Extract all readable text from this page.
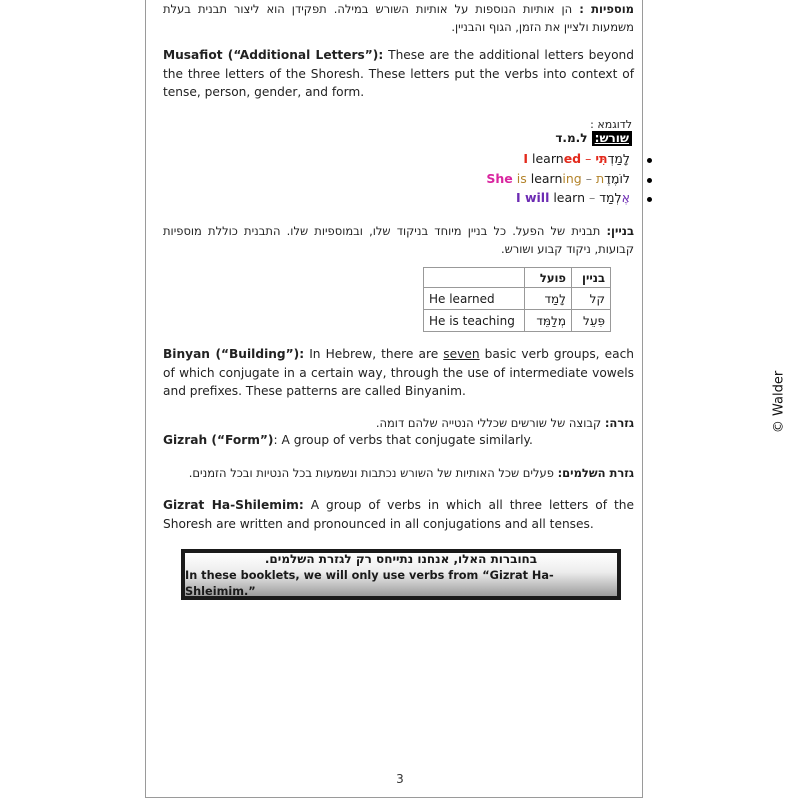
מוספיות : הן אותיות הנוספות על אותיות השורש במילה. תפקידן הוא ליצור תבנית בעלת משמעות ולציין את הזמן, הגוף והבניין.
Musafiot (“Additional Letters”): These are the additional letters beyond the three letters of the Shoresh. These letters put the verbs into context of tense, person, gender, and form.
לדוגמא :
שורש: ל.מ.ד
I learned – לָמַדְתִּי
She is learning – לוֹמֶדֶת
I will learn – אֶלְמַד
בניין: תבנית של הפעל. כל בניין מיוחד בניקוד שלו, ובמוספיות שלו. התבנית כוללת מוספיות קבועות, ניקוד קבוע ושורש.
	פועל	בניין
He learned	לָמַד	קל
He is teaching	מְלַמֵּד	פִּעֵל
Binyan (“Building”): In Hebrew, there are seven basic verb groups, each of which conjugate in a certain way, through the use of intermediate vowels and prefixes. These patterns are called Binyanim.
גזרה: קבוצה של שורשים שכללי הנטייה שלהם דומה.
Gizrah (“Form”): A group of verbs that conjugate similarly.
גזרת השלמים: פעלים שכל האותיות של השורש נכתבות ונשמעות בכל הנטיות ובכל הזמנים.
Gizrat Ha-Shilemim: A group of verbs in which all three letters of the Shoresh are written and pronounced in all conjugations and all tenses.
בחוברות האלו, אנחנו נתייחס רק לגזרת השלמים.
In these booklets, we will only use verbs from “Gizrat Ha-Shleimim.”
3
© Walder
